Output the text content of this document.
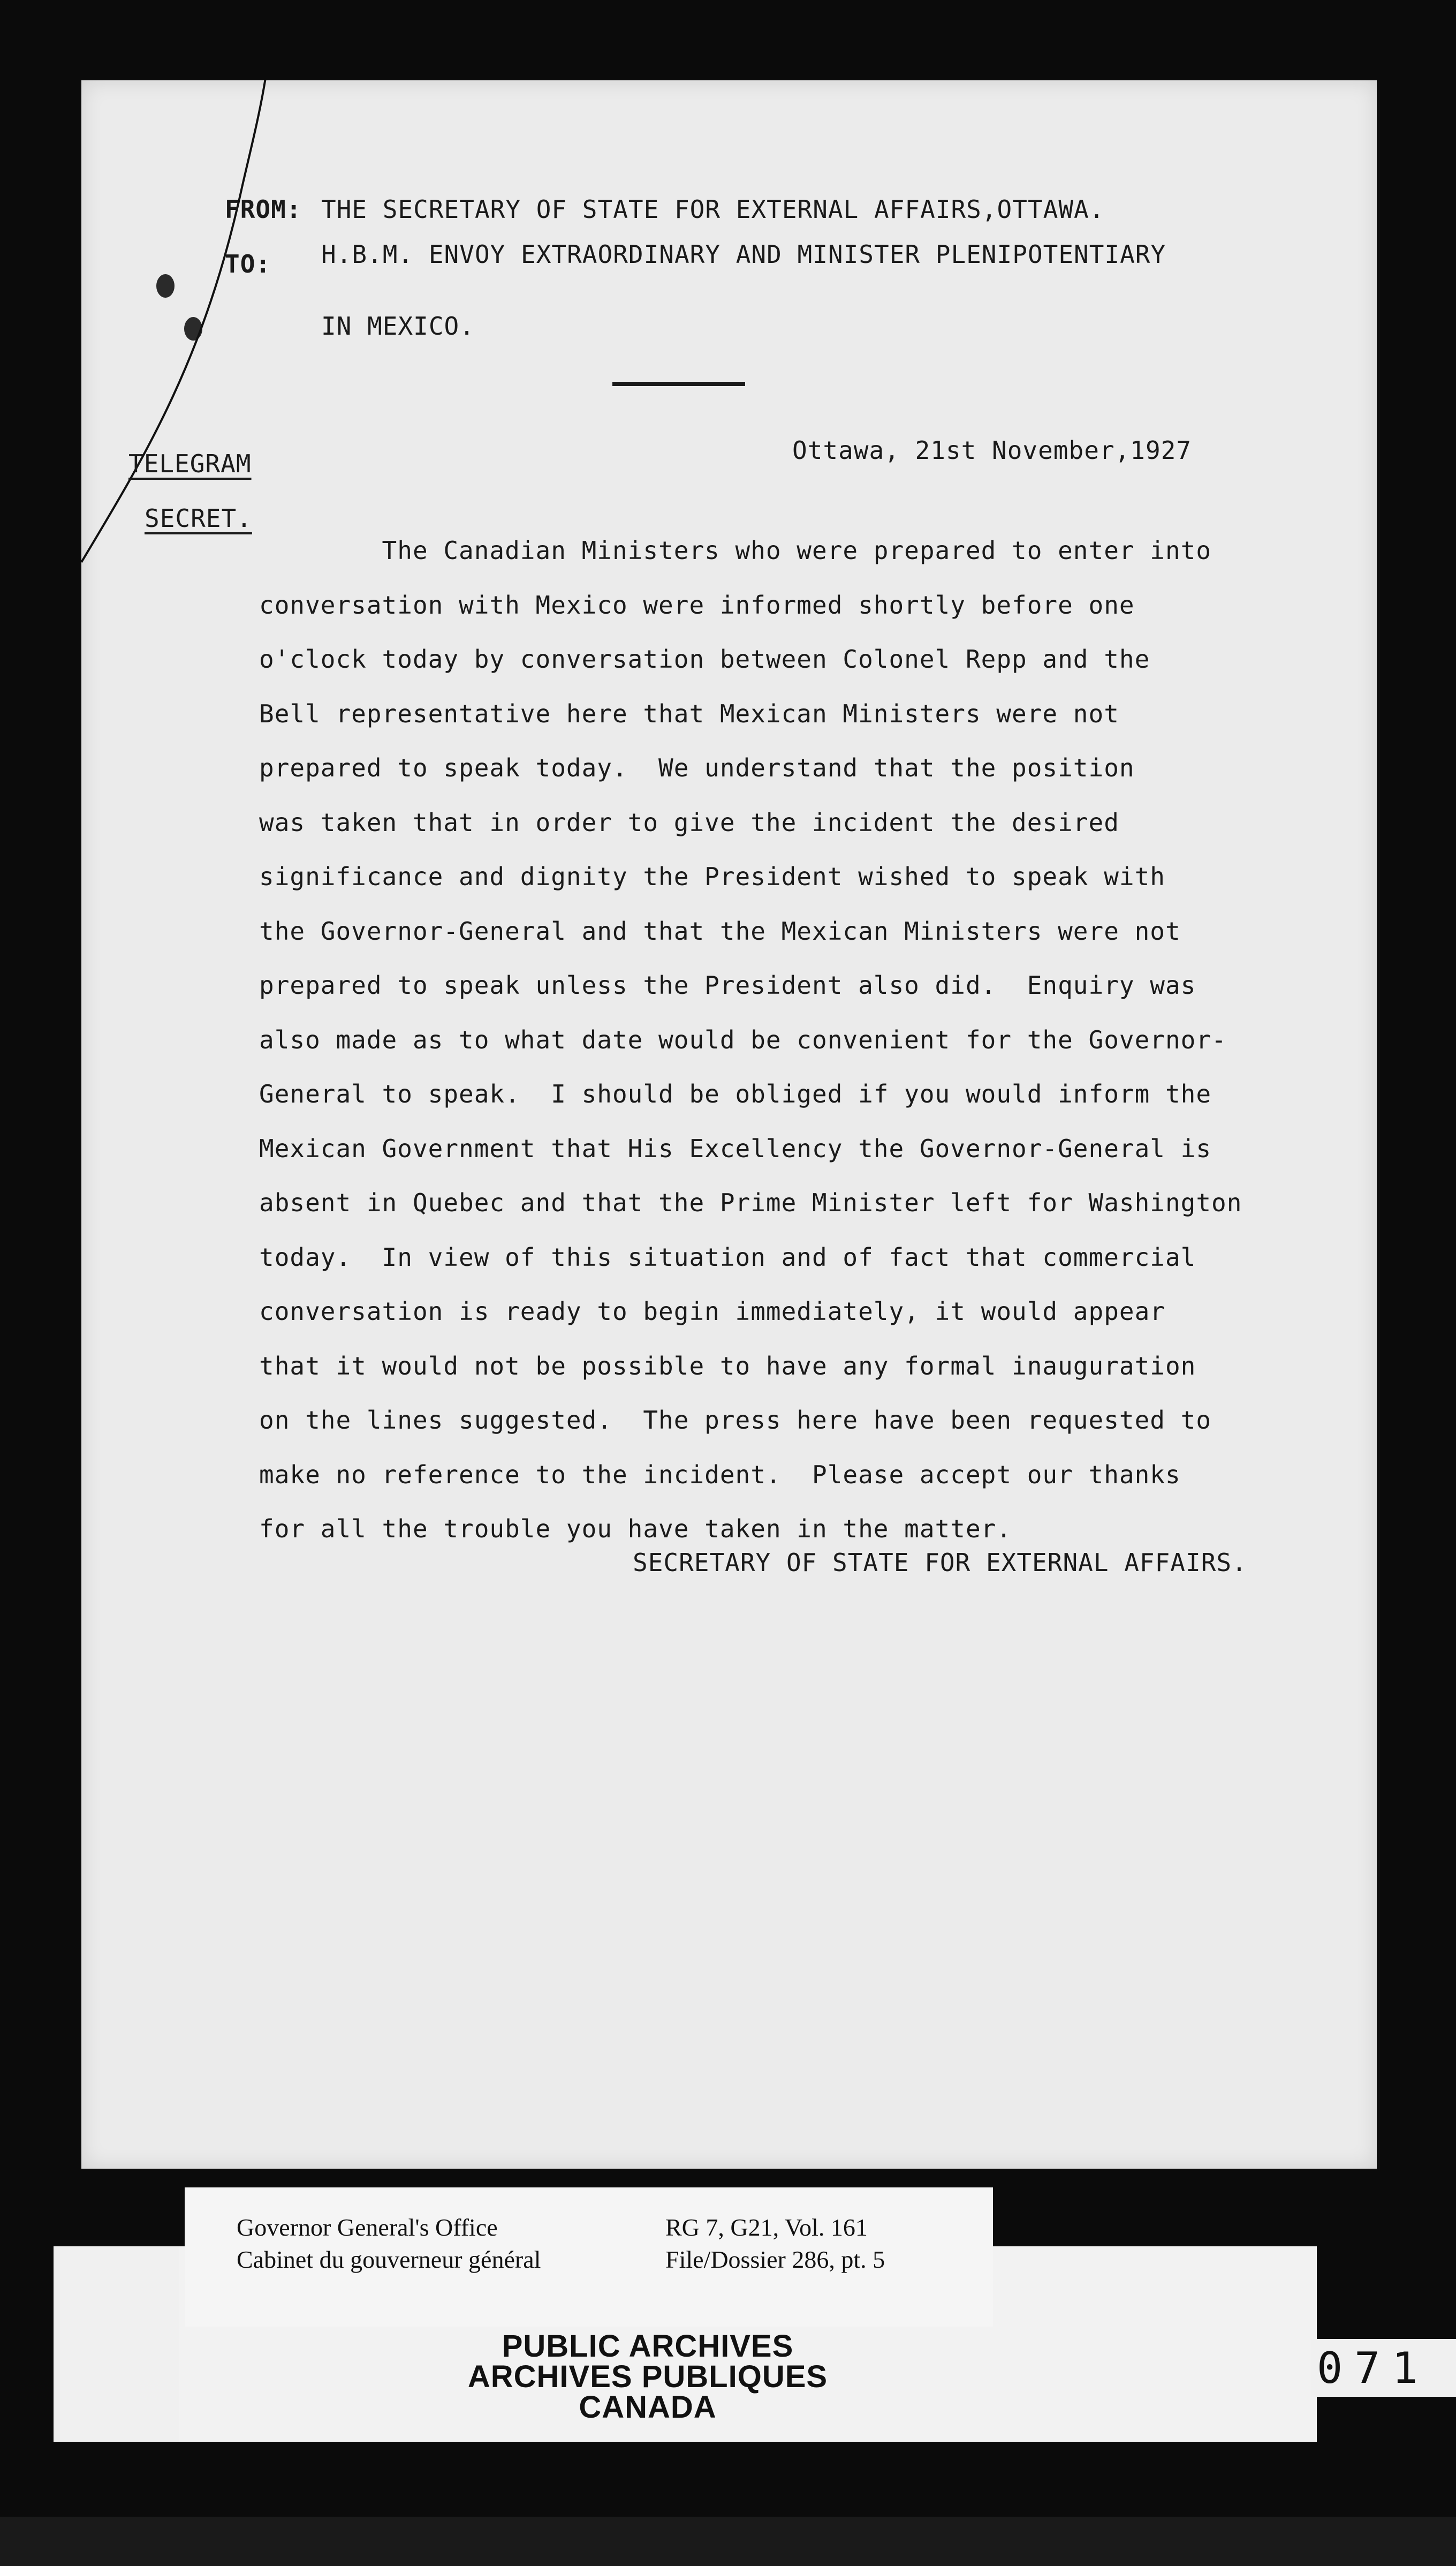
FROM: THE SECRETARY OF STATE FOR EXTERNAL AFFAIRS,OTTAWA.
TO: H.B.M. ENVOY EXTRAORDINARY AND MINISTER PLENIPOTENTIARY
IN MEXICO.
TELEGRAM
SECRET.
Ottawa, 21st November,1927
The Canadian Ministers who were prepared to enter into
conversation with Mexico were informed shortly before one
o'clock today by conversation between Colonel Repp and the
Bell representative here that Mexican Ministers were not
prepared to speak today.  We understand that the position
was taken that in order to give the incident the desired
significance and dignity the President wished to speak with
the Governor-General and that the Mexican Ministers were not
prepared to speak unless the President also did.  Enquiry was
also made as to what date would be convenient for the Governor-
General to speak.  I should be obliged if you would inform the
Mexican Government that His Excellency the Governor-General is
absent in Quebec and that the Prime Minister left for Washington
today.  In view of this situation and of fact that commercial
conversation is ready to begin immediately, it would appear
that it would not be possible to have any formal inauguration
on the lines suggested.  The press here have been requested to
make no reference to the incident.  Please accept our thanks
for all the trouble you have taken in the matter.
SECRETARY OF STATE FOR EXTERNAL AFFAIRS.
Governor General's Office
Cabinet du gouverneur général
RG 7, G21, Vol. 161
File/Dossier 286, pt. 5
PUBLIC ARCHIVES
ARCHIVES PUBLIQUES
CANADA
071
